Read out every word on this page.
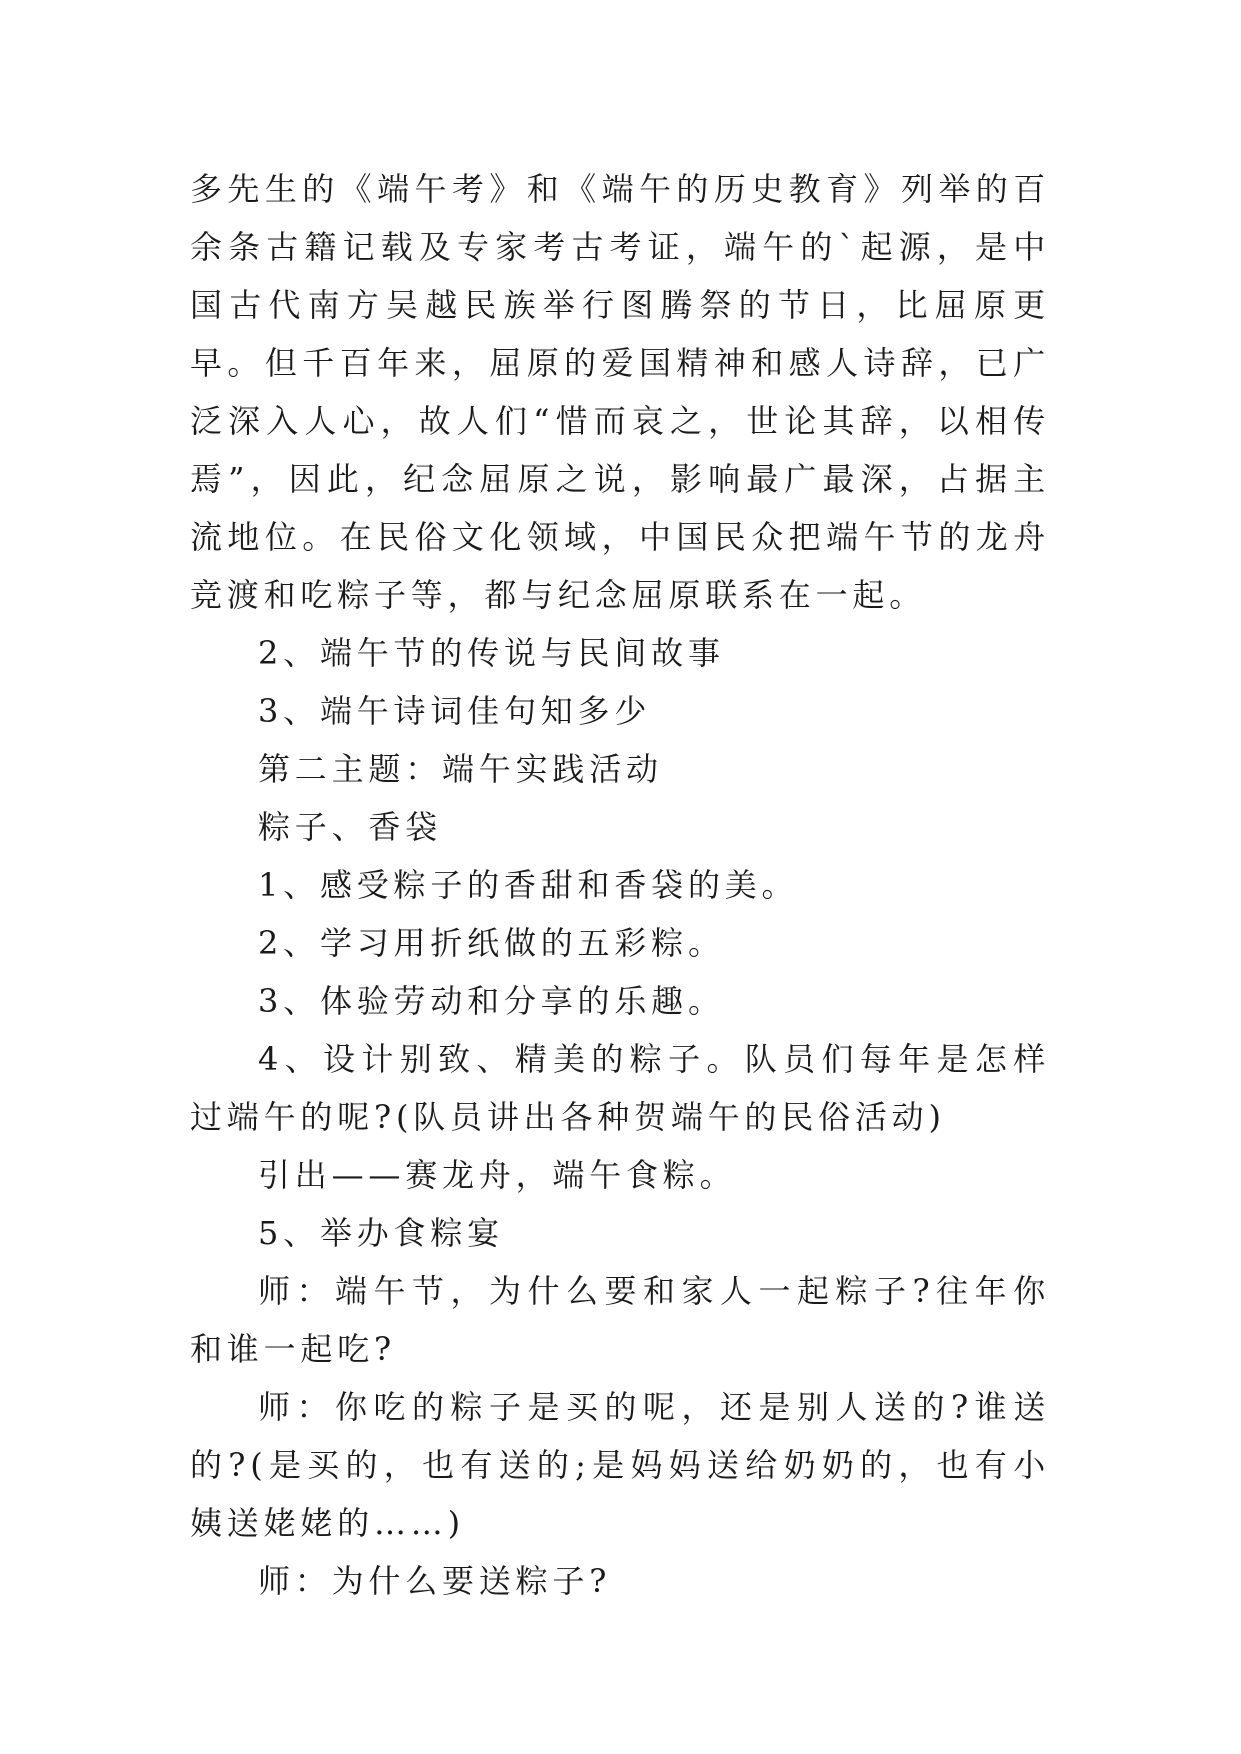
多先生的《端午考》和《端午的历史教育》列举的百余条古籍记载及专家考古考证，端午的`起源，是中国古代南方吴越民族举行图腾祭的节日，比屈原更早。但千百年来，屈原的爱国精神和感人诗辞，已广泛深入人心，故人们“惜而哀之，世论其辞，以相传焉”，因此，纪念屈原之说，影响最广最深，占据主流地位。在民俗文化领域，中国民众把端午节的龙舟竞渡和吃粽子等，都与纪念屈原联系在一起。

2、端午节的传说与民间故事

3、端午诗词佳句知多少

第二主题：端午实践活动

粽子、香袋

1、感受粽子的香甜和香袋的美。

2、学习用折纸做的五彩粽。

3、体验劳动和分享的乐趣。

4、设计别致、精美的粽子。队员们每年是怎样过端午的呢?(队员讲出各种贺端午的民俗活动)

引出——赛龙舟，端午食粽。

5、举办食粽宴

师：端午节，为什么要和家人一起粽子?往年你和谁一起吃?

师：你吃的粽子是买的呢，还是别人送的?谁送的?(是买的，也有送的;是妈妈送给奶奶的，也有小姨送姥姥的……)

师：为什么要送粽子?
